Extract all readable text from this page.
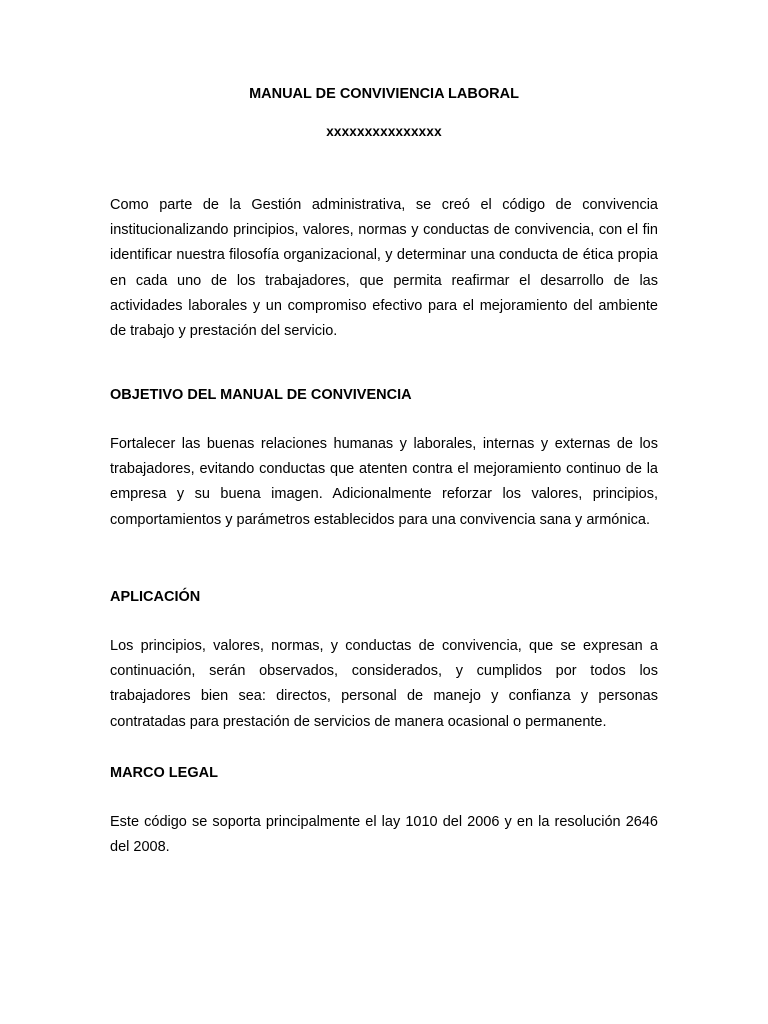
MANUAL DE CONVIVIENCIA LABORAL
xxxxxxxxxxxxxxx

Como parte de la Gestión administrativa, se creó el código de convivencia institucionalizando principios, valores, normas y conductas de convivencia, con el fin identificar nuestra filosofía organizacional, y determinar una conducta de ética propia en cada uno de los trabajadores, que permita reafirmar el desarrollo de las actividades laborales y un compromiso efectivo para el mejoramiento del ambiente de trabajo y prestación del servicio.

OBJETIVO DEL MANUAL DE CONVIVENCIA

Fortalecer las buenas relaciones humanas y laborales, internas y externas de los trabajadores, evitando conductas que atenten contra el mejoramiento continuo de la empresa y su buena imagen. Adicionalmente reforzar los valores, principios, comportamientos y parámetros establecidos para una convivencia sana y armónica.

APLICACIÓN

Los principios, valores, normas, y conductas de convivencia, que se expresan a continuación, serán observados, considerados, y cumplidos por todos los trabajadores bien sea: directos, personal de manejo y confianza y personas contratadas para prestación de servicios de manera ocasional o permanente.

MARCO LEGAL

Este código se soporta principalmente el lay 1010 del 2006 y en la resolución 2646 del 2008.
